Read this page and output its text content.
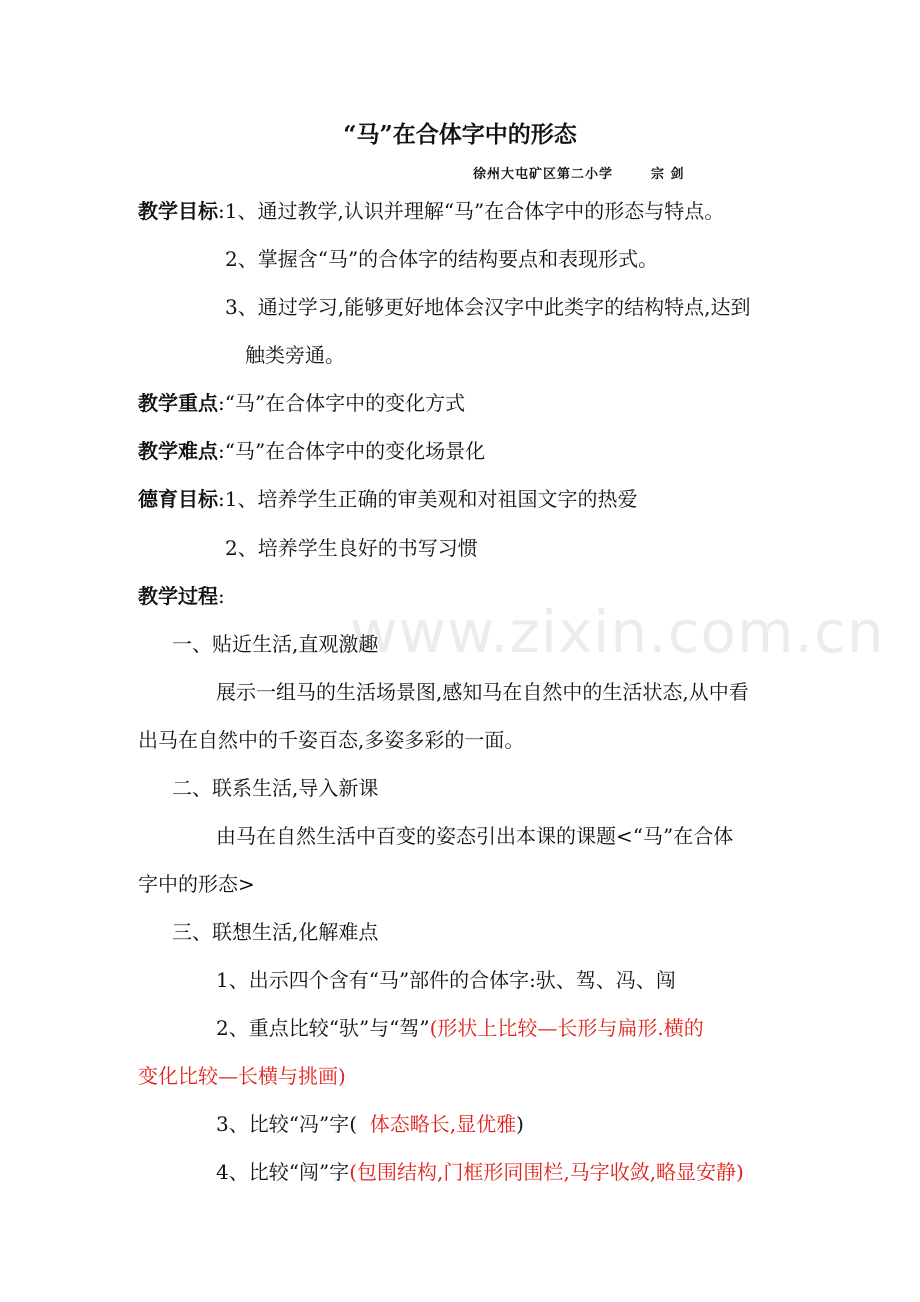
www.zixin.com.cn
“马”在合体字中的形态
徐州大屯矿区第二小学	宗 剑
教学目标:1、通过教学,认识并理解“马”在合体字中的形态与特点。
2、掌握含“马”的合体字的结构要点和表现形式。
3、通过学习,能够更好地体会汉字中此类字的结构特点,达到
触类旁通。
教学重点:“马”在合体字中的变化方式
教学难点:“马”在合体字中的变化场景化
德育目标:1、培养学生正确的审美观和对祖国文字的热爱
2、培养学生良好的书写习惯
教学过程:
一、贴近生活,直观激趣
展示一组马的生活场景图,感知马在自然中的生活状态,从中看
出马在自然中的千姿百态,多姿多彩的一面。
二、联系生活,导入新课
由马在自然生活中百变的姿态引出本课的课题<“马”在合体
字中的形态>
三、联想生活,化解难点
1、出示四个含有“马”部件的合体字:驮、驾、冯、闯
2、重点比较“驮”与“驾”(形状上比较—长形与扁形.横的
变化比较—长横与挑画)
3、比较“冯”字(  体态略长,显优雅)
4、比较“闯”字(包围结构,门框形同围栏,马字收敛,略显安静)
